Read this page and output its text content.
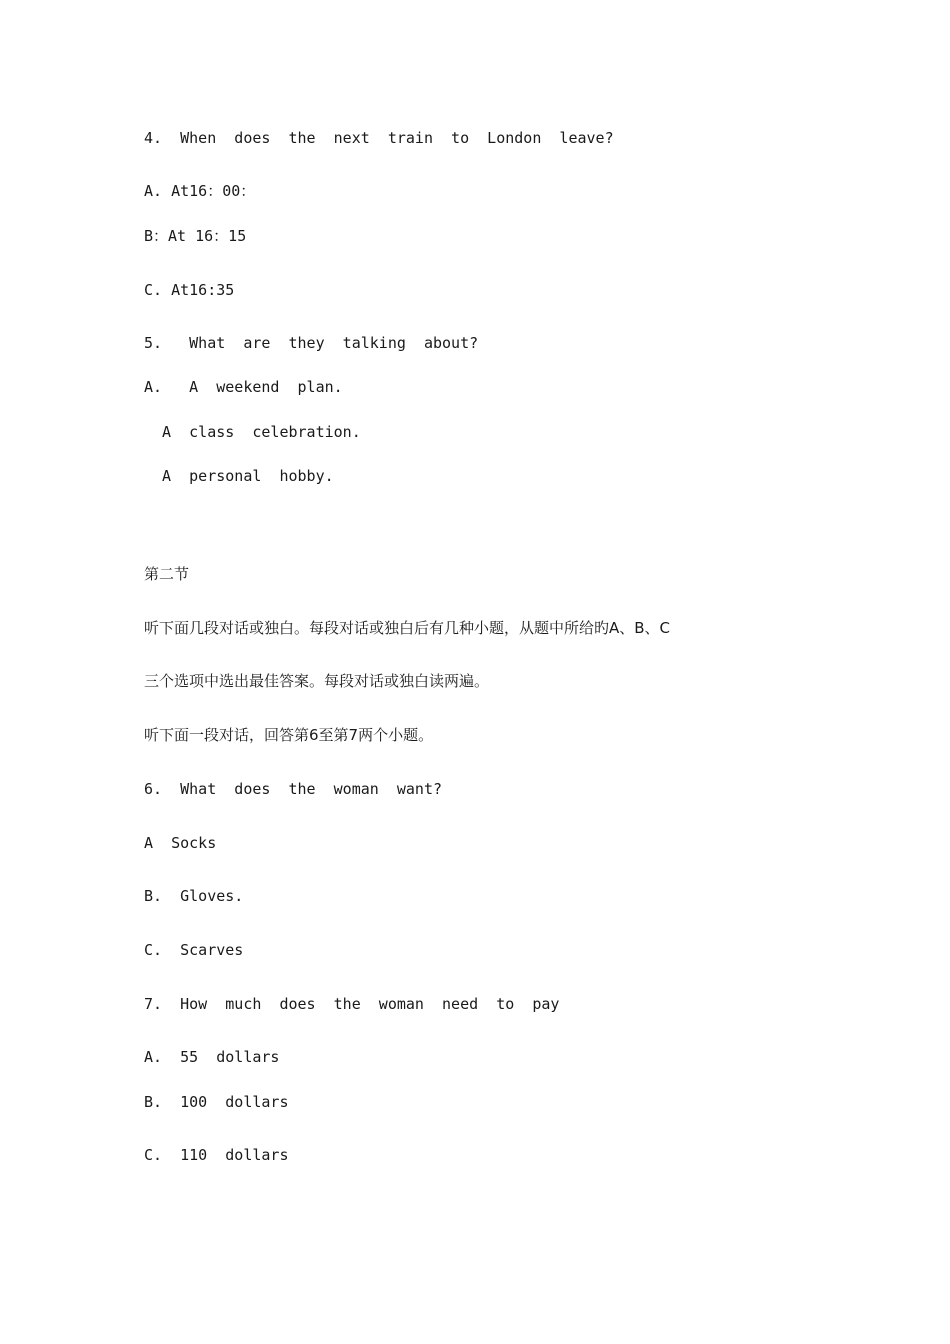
4.  When  does  the  next  train  to  London  leave?
A. At16：00：
B：At 16：15
C. At16:35
5.   What  are  they  talking  about?
A.   A  weekend  plan.
A  class  celebration.
A  personal  hobby.
第二节
听下面几段对话或独白。每段对话或独白后有几种小题，从题中所给旳A、B、C
三个选项中选出最佳答案。每段对话或独白读两遍。
听下面一段对话，回答第6至第7两个小题。
6.  What  does  the  woman  want?
A  Socks
B.  Gloves.
C.  Scarves
7.  How  much  does  the  woman  need  to  pay
A.  55  dollars
B.  100  dollars
C.  110  dollars
